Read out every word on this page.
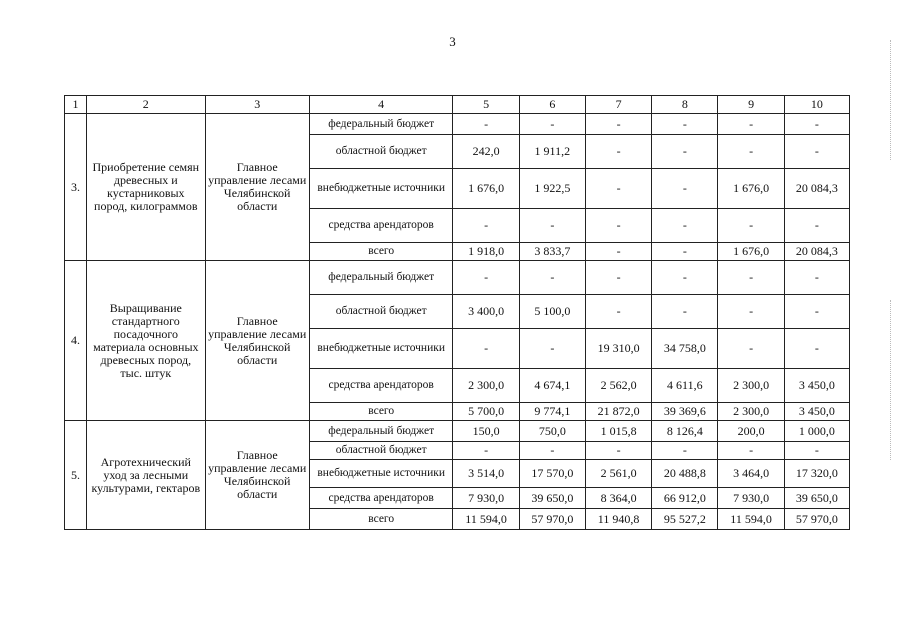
3
1	2	3	4	5	6	7	8	9	10
3.	Приобретение семян древесных и кустарниковых пород, килограммов	Главное управление лесами Челябинской области	федеральный бюджет	-	-	-	-	-	-
			областной бюджет	242,0	1 911,2	-	-	-	-
			внебюджетные источники	1 676,0	1 922,5	-	-	1 676,0	20 084,3
			средства арендаторов	-	-	-	-	-	-
			всего	1 918,0	3 833,7	-	-	1 676,0	20 084,3
4.	Выращивание стандартного посадочного материала основных древесных пород, тыс. штук	Главное управление лесами Челябинской области	федеральный бюджет	-	-	-	-	-	-
			областной бюджет	3 400,0	5 100,0	-	-	-	-
			внебюджетные источники	-	-	19 310,0	34 758,0	-	-
			средства арендаторов	2 300,0	4 674,1	2 562,0	4 611,6	2 300,0	3 450,0
			всего	5 700,0	9 774,1	21 872,0	39 369,6	2 300,0	3 450,0
5.	Агротехнический уход за лесными культурами, гектаров	Главное управление лесами Челябинской области	федеральный бюджет	150,0	750,0	1 015,8	8 126,4	200,0	1 000,0
			областной бюджет	-	-	-	-	-	-
			внебюджетные источники	3 514,0	17 570,0	2 561,0	20 488,8	3 464,0	17 320,0
			средства арендаторов	7 930,0	39 650,0	8 364,0	66 912,0	7 930,0	39 650,0
			всего	11 594,0	57 970,0	11 940,8	95 527,2	11 594,0	57 970,0
